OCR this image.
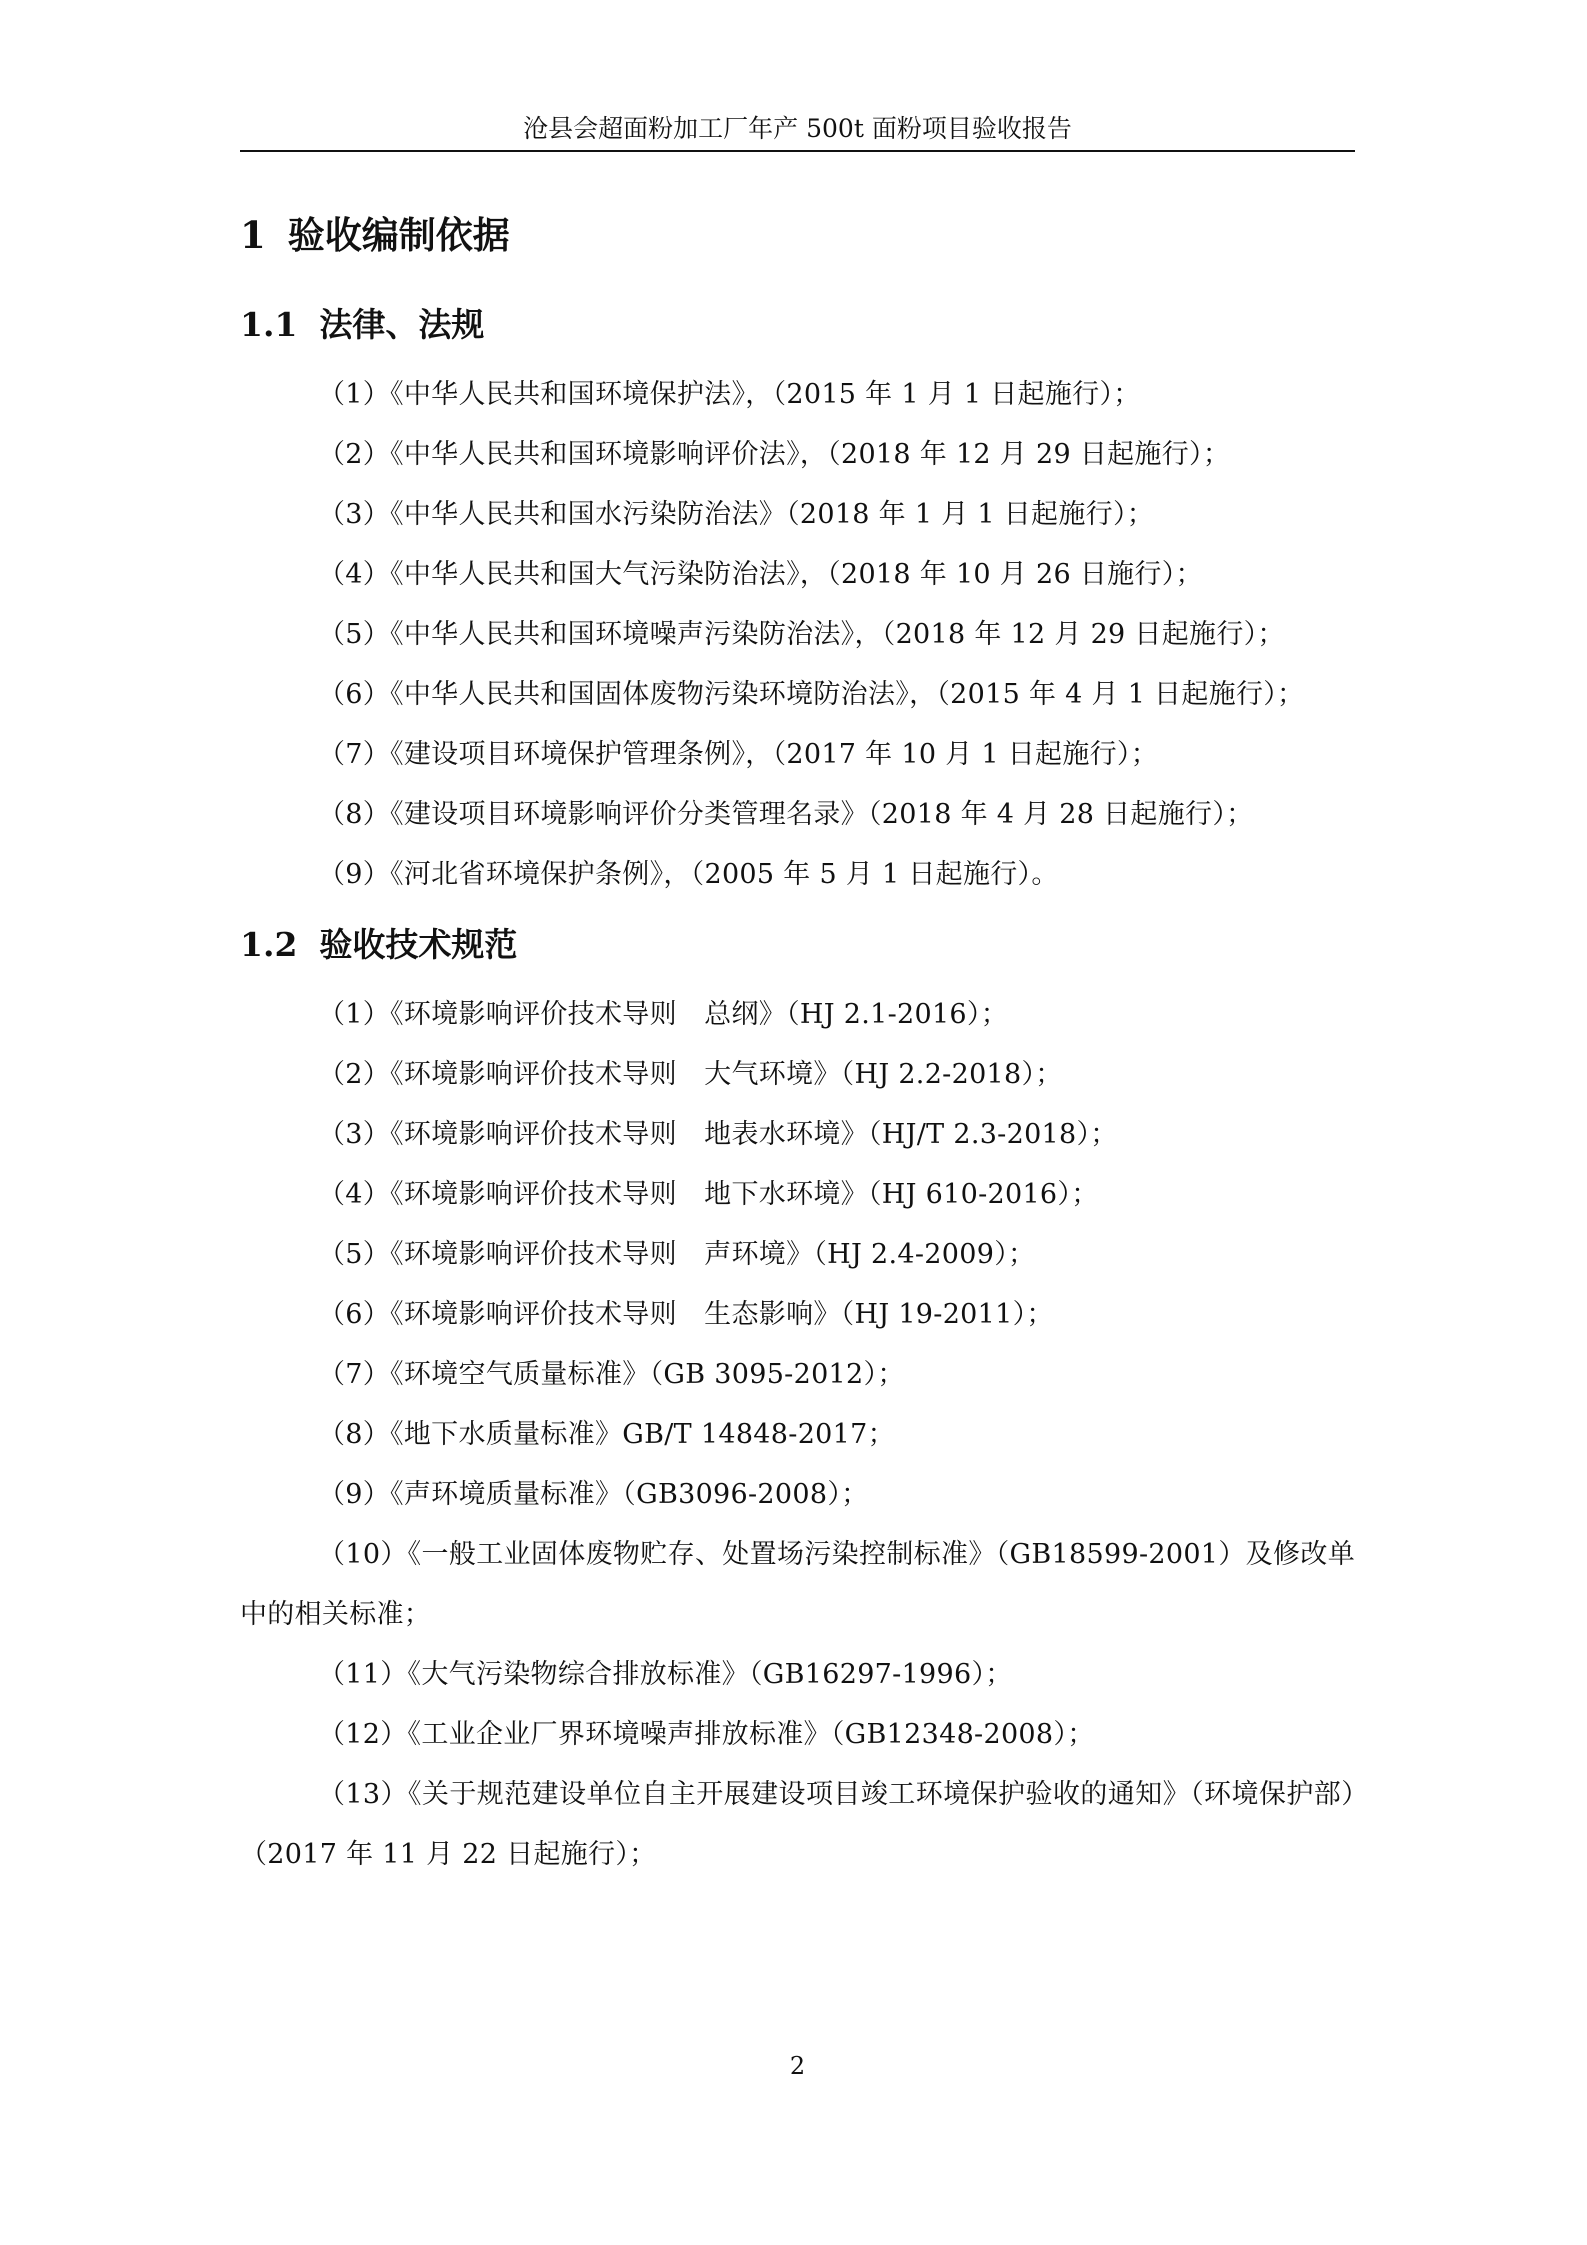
沧县会超面粉加工厂年产 500t 面粉项目验收报告
1 验收编制依据
1.1 法律、法规
（1）《中华人民共和国环境保护法》，（2015 年 1 月 1 日起施行）；
（2）《中华人民共和国环境影响评价法》，（2018 年 12 月 29 日起施行）；
（3）《中华人民共和国水污染防治法》（2018 年 1 月 1 日起施行）；
（4）《中华人民共和国大气污染防治法》，（2018 年 10 月 26 日施行）；
（5）《中华人民共和国环境噪声污染防治法》，（2018 年 12 月 29 日起施行）；
（6）《中华人民共和国固体废物污染环境防治法》，（2015 年 4 月 1 日起施行）；
（7）《建设项目环境保护管理条例》，（2017 年 10 月 1 日起施行）；
（8）《建设项目环境影响评价分类管理名录》（2018 年 4 月 28 日起施行）；
（9）《河北省环境保护条例》，（2005 年 5 月 1 日起施行）。
1.2 验收技术规范
（1）《环境影响评价技术导则　总纲》（HJ 2.1-2016）；
（2）《环境影响评价技术导则　大气环境》（HJ 2.2-2018）；
（3）《环境影响评价技术导则　地表水环境》（HJ/T 2.3-2018）；
（4）《环境影响评价技术导则　地下水环境》（HJ 610-2016）；
（5）《环境影响评价技术导则　声环境》（HJ 2.4-2009）；
（6）《环境影响评价技术导则　生态影响》（HJ 19-2011）；
（7）《环境空气质量标准》（GB 3095-2012）；
（8）《地下水质量标准》GB/T 14848-2017；
（9）《声环境质量标准》（GB3096-2008）；
（10）《一般工业固体废物贮存、处置场污染控制标准》（GB18599-2001）及修改单中的相关标准；
（11）《大气污染物综合排放标准》（GB16297-1996）；
（12）《工业企业厂界环境噪声排放标准》（GB12348-2008）；
（13）《关于规范建设单位自主开展建设项目竣工环境保护验收的通知》（环境保护部）（2017 年 11 月 22 日起施行）；
2
